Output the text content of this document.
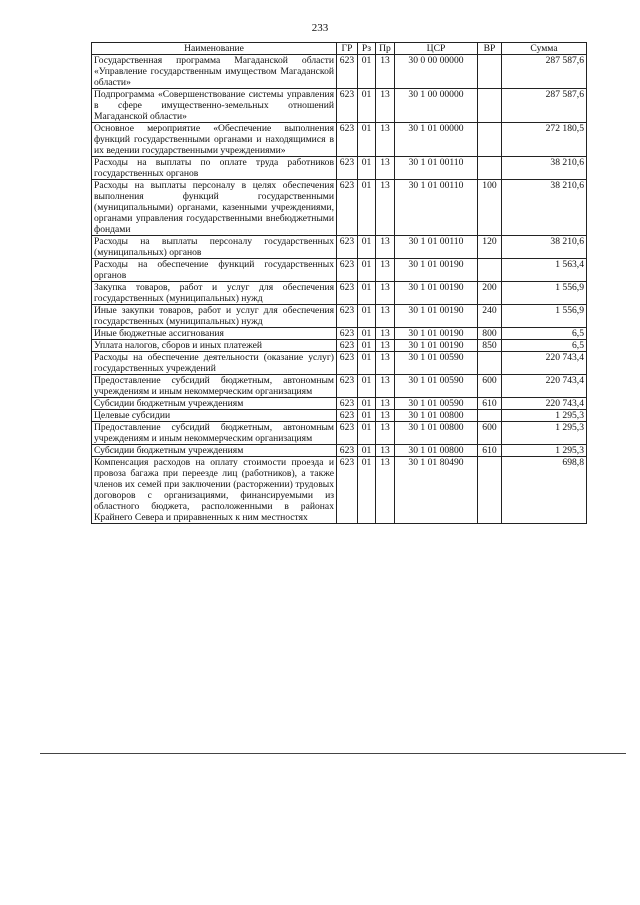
233
Наименование	ГР	Рз	Пр	ЦСР	ВР	Сумма
Государственная программа Магаданской области «Управление государственным имуществом Магаданской области»	623	01	13	30 0 00 00000		287 587,6
Подпрограмма «Совершенствование системы управления в сфере имущественно-земельных отношений Магаданской области»	623	01	13	30 1 00 00000		287 587,6
Основное мероприятие «Обеспечение выполнения функций государственными органами и находящимися в их ведении государственными учреждениями»	623	01	13	30 1 01 00000		272 180,5
Расходы на выплаты по оплате труда работников государственных органов	623	01	13	30 1 01 00110		38 210,6
Расходы на выплаты персоналу в целях обеспечения выполнения функций государственными (муниципальными) органами, казенными учреждениями, органами управления государственными внебюджетными фондами	623	01	13	30 1 01 00110	100	38 210,6
Расходы на выплаты персоналу государственных (муниципальных) органов	623	01	13	30 1 01 00110	120	38 210,6
Расходы на обеспечение функций государственных органов	623	01	13	30 1 01 00190		1 563,4
Закупка товаров, работ и услуг для обеспечения государственных (муниципальных) нужд	623	01	13	30 1 01 00190	200	1 556,9
Иные закупки товаров, работ и услуг для обеспечения государственных (муниципальных) нужд	623	01	13	30 1 01 00190	240	1 556,9
Иные бюджетные ассигнования	623	01	13	30 1 01 00190	800	6,5
Уплата налогов, сборов и иных платежей	623	01	13	30 1 01 00190	850	6,5
Расходы на обеспечение деятельности (оказание услуг) государственных учреждений	623	01	13	30 1 01 00590		220 743,4
Предоставление субсидий бюджетным, автономным учреждениям и иным некоммерческим организациям	623	01	13	30 1 01 00590	600	220 743,4
Субсидии бюджетным учреждениям	623	01	13	30 1 01 00590	610	220 743,4
Целевые субсидии	623	01	13	30 1 01 00800		1 295,3
Предоставление субсидий бюджетным, автономным учреждениям и иным некоммерческим организациям	623	01	13	30 1 01 00800	600	1 295,3
Субсидии бюджетным учреждениям	623	01	13	30 1 01 00800	610	1 295,3
Компенсация расходов на оплату стоимости проезда и провоза багажа при переезде лиц (работников), а также членов их семей при заключении (расторжении) трудовых договоров с организациями, финансируемыми из областного бюджета, расположенными в районах Крайнего Севера и приравненных к ним местностях	623	01	13	30 1 01 80490		698,8
